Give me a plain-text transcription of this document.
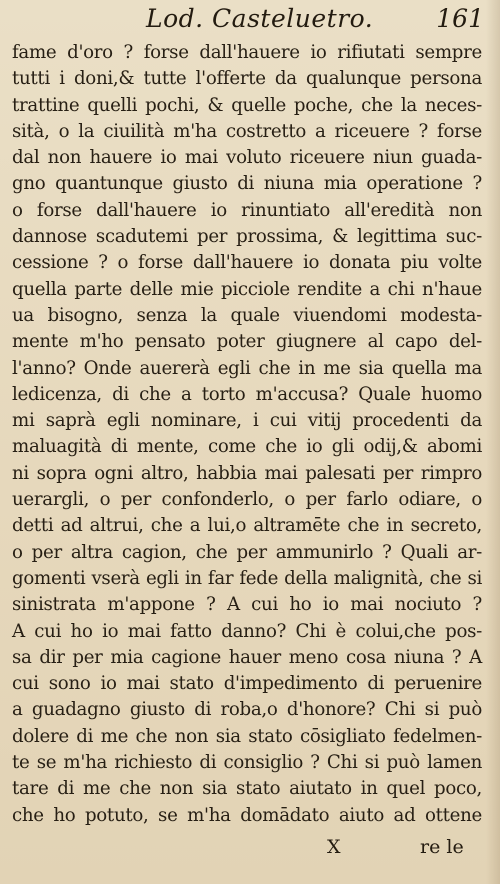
Lod. Casteluetro.	161
fame d'oro ? forse dall'hauere io rifiutati sempre
tutti i doni,& tutte l'offerte da qualunque persona
trattine quelli pochi, & quelle poche, che la neces-
sità, o la ciuilità m'ha costretto a riceuere ? forse
dal non hauere io mai voluto riceuere niun guada-
gno quantunque giusto di niuna mia operatione ?
o forse dall'hauere io rinuntiato all'eredità non
dannose scadutemi per prossima, & legittima suc-
cessione ? o forse dall'hauere io donata piu volte
quella parte delle mie picciole rendite a chi n'haue
ua bisogno, senza la quale viuendomi modesta-
mente m'ho pensato poter giugnere al capo del-
l'anno? Onde auererà egli che in me sia quella ma
ledicenza, di che a torto m'accusa? Quale huomo
mi saprà egli nominare, i cui vitij procedenti da
maluagità di mente, come che io gli odij,& abomi
ni sopra ogni altro, habbia mai palesati per rimpro
uerargli, o per confonderlo, o per farlo odiare, o
detti ad altrui, che a lui,o altramēte che in secreto,
o per altra cagion, che per ammunirlo ? Quali ar-
gomenti vserà egli in far fede della malignità, che si
sinistrata m'appone ? A cui ho io mai nociuto ?
A cui ho io mai fatto danno? Chi è colui,che pos-
sa dir per mia cagione hauer meno cosa niuna ? A
cui sono io mai stato d'impedimento di peruenire
a guadagno giusto di roba,o d'honore? Chi si può
dolere di me che non sia stato cōsigliato fedelmen-
te se m'ha richiesto di consiglio ? Chi si può lamen
tare di me che non sia stato aiutato in quel poco,
che ho potuto, se m'ha domādato aiuto ad ottene
X	re le
